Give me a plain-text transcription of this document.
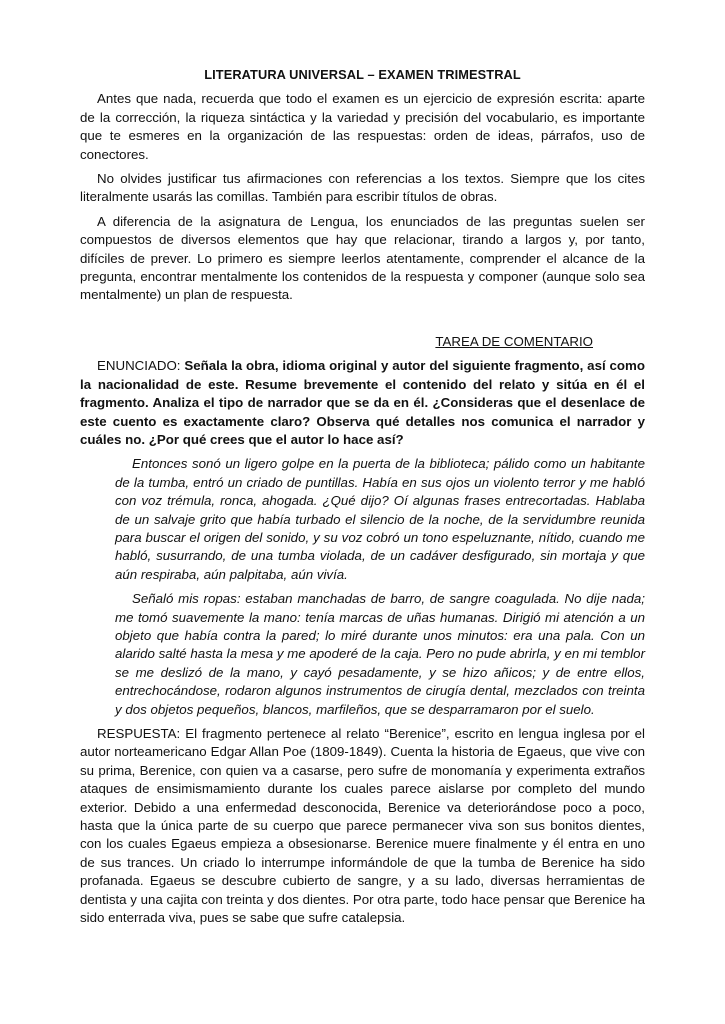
LITERATURA UNIVERSAL – EXAMEN TRIMESTRAL

Antes que nada, recuerda que todo el examen es un ejercicio de expresión escrita: aparte de la corrección, la riqueza sintáctica y la variedad y precisión del vocabulario, es importante que te esmeres en la organización de las respuestas: orden de ideas, párrafos, uso de conectores.

No olvides justificar tus afirmaciones con referencias a los textos. Siempre que los cites literalmente usarás las comillas. También para escribir títulos de obras.

A diferencia de la asignatura de Lengua, los enunciados de las preguntas suelen ser compuestos de diversos elementos que hay que relacionar, tirando a largos y, por tanto, difíciles de prever. Lo primero es siempre leerlos atentamente, comprender el alcance de la pregunta, encontrar mentalmente los contenidos de la respuesta y componer (aunque solo sea mentalmente) un plan de respuesta.

TAREA DE COMENTARIO

ENUNCIADO: Señala la obra, idioma original y autor del siguiente fragmento, así como la nacionalidad de este. Resume brevemente el contenido del relato y sitúa en él el fragmento. Analiza el tipo de narrador que se da en él. ¿Consideras que el desenlace de este cuento es exactamente claro? Observa qué detalles nos comunica el narrador y cuáles no. ¿Por qué crees que el autor lo hace así?

Entonces sonó un ligero golpe en la puerta de la biblioteca; pálido como un habitante de la tumba, entró un criado de puntillas. Había en sus ojos un violento terror y me habló con voz trémula, ronca, ahogada. ¿Qué dijo? Oí algunas frases entrecortadas. Hablaba de un salvaje grito que había turbado el silencio de la noche, de la servidumbre reunida para buscar el origen del sonido, y su voz cobró un tono espeluznante, nítido, cuando me habló, susurrando, de una tumba violada, de un cadáver desfigurado, sin mortaja y que aún respiraba, aún palpitaba, aún vivía.

Señaló mis ropas: estaban manchadas de barro, de sangre coagulada. No dije nada; me tomó suavemente la mano: tenía marcas de uñas humanas. Dirigió mi atención a un objeto que había contra la pared; lo miré durante unos minutos: era una pala. Con un alarido salté hasta la mesa y me apoderé de la caja. Pero no pude abrirla, y en mi temblor se me deslizó de la mano, y cayó pesadamente, y se hizo añicos; y de entre ellos, entrechocándose, rodaron algunos instrumentos de cirugía dental, mezclados con treinta y dos objetos pequeños, blancos, marfileños, que se desparramaron por el suelo.

RESPUESTA: El fragmento pertenece al relato “Berenice”, escrito en lengua inglesa por el autor norteamericano Edgar Allan Poe (1809-1849). Cuenta la historia de Egaeus, que vive con su prima, Berenice, con quien va a casarse, pero sufre de monomanía y experimenta extraños ataques de ensimismamiento durante los cuales parece aislarse por completo del mundo exterior. Debido a una enfermedad desconocida, Berenice va deteriorándose poco a poco, hasta que la única parte de su cuerpo que parece permanecer viva son sus bonitos dientes, con los cuales Egaeus empieza a obsesionarse. Berenice muere finalmente y él entra en uno de sus trances. Un criado lo interrumpe informándole de que la tumba de Berenice ha sido profanada. Egaeus se descubre cubierto de sangre, y a su lado, diversas herramientas de dentista y una cajita con treinta y dos dientes. Por otra parte, todo hace pensar que Berenice ha sido enterrada viva, pues se sabe que sufre catalepsia.
